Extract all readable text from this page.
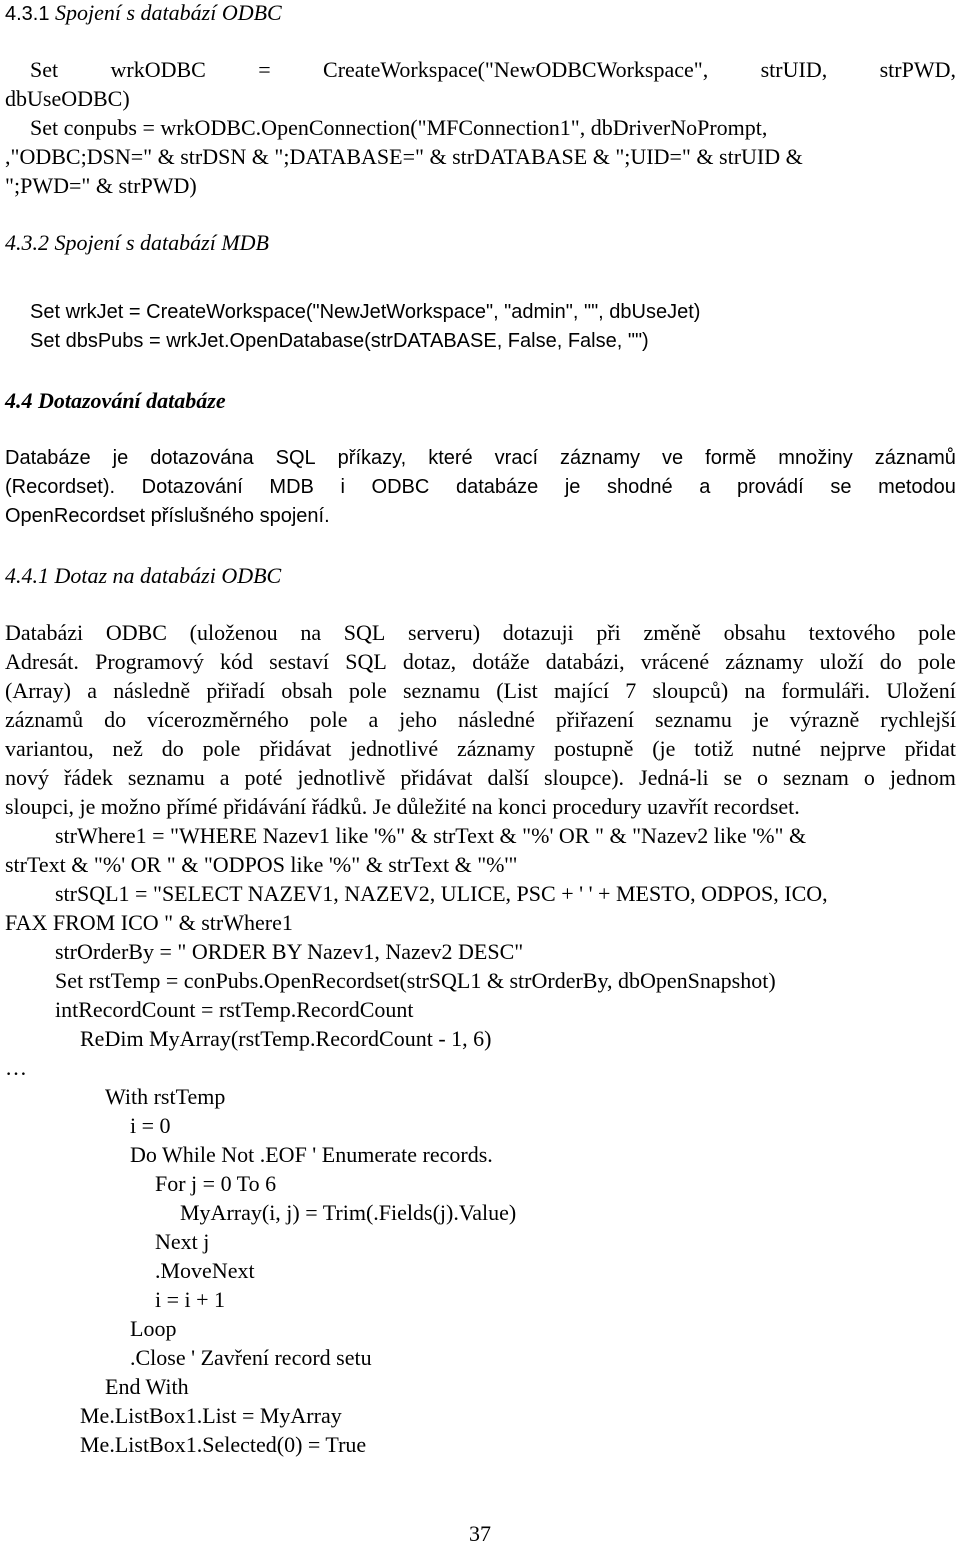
4.3.1 Spojení s databází ODBC
Set wrkODBC = CreateWorkspace("NewODBCWorkspace", strUID, strPWD,
dbUseODBC)
Set conpubs = wrkODBC.OpenConnection("MFConnection1", dbDriverNoPrompt,
,"ODBC;DSN=" & strDSN & ";DATABASE=" & strDATABASE & ";UID=" & strUID &
";PWD=" & strPWD)
4.3.2 Spojení s databází MDB
Set wrkJet = CreateWorkspace("NewJetWorkspace", "admin", "", dbUseJet)
Set dbsPubs = wrkJet.OpenDatabase(strDATABASE, False, False, "")
4.4 Dotazování databáze
Databáze je dotazována SQL příkazy, které vrací záznamy ve formě množiny záznamů
(Recordset). Dotazování MDB i ODBC databáze je shodné a provádí se metodou
OpenRecordset příslušného spojení.
4.4.1 Dotaz na databázi ODBC
Databázi ODBC (uloženou na SQL serveru) dotazuji při změně obsahu textového pole
Adresát. Programový kód sestaví SQL dotaz, dotáže databázi, vrácené záznamy uloží do pole
(Array) a následně přiřadí obsah pole seznamu (List mající 7 sloupců) na formuláři. Uložení
záznamů do vícerozměrného pole a jeho následné přiřazení seznamu je výrazně rychlejší
variantou, než do pole přidávat jednotlivé záznamy postupně (je totiž nutné nejprve přidat
nový řádek seznamu a poté jednotlivě přidávat další sloupce). Jedná-li se o seznam o jednom
sloupci, je možno přímé přidávání řádků. Je důležité na konci procedury uzavřít recordset.
strWhere1 = "WHERE Nazev1 like '%" & strText & "%' OR " & "Nazev2 like '%" &
strText & "%' OR " & "ODPOS like '%" & strText & "%'"
strSQL1 = "SELECT NAZEV1, NAZEV2, ULICE, PSC + ' ' + MESTO, ODPOS, ICO,
FAX FROM ICO " & strWhere1
strOrderBy = " ORDER BY Nazev1, Nazev2 DESC"
Set rstTemp = conPubs.OpenRecordset(strSQL1 & strOrderBy, dbOpenSnapshot)
intRecordCount = rstTemp.RecordCount
ReDim MyArray(rstTemp.RecordCount - 1, 6)
…
With rstTemp
i = 0
Do While Not .EOF ' Enumerate records.
For j = 0 To 6
MyArray(i, j) = Trim(.Fields(j).Value)
Next j
.MoveNext
i = i + 1
Loop
.Close ' Zavření record setu
End With
Me.ListBox1.List = MyArray
Me.ListBox1.Selected(0) = True
37
